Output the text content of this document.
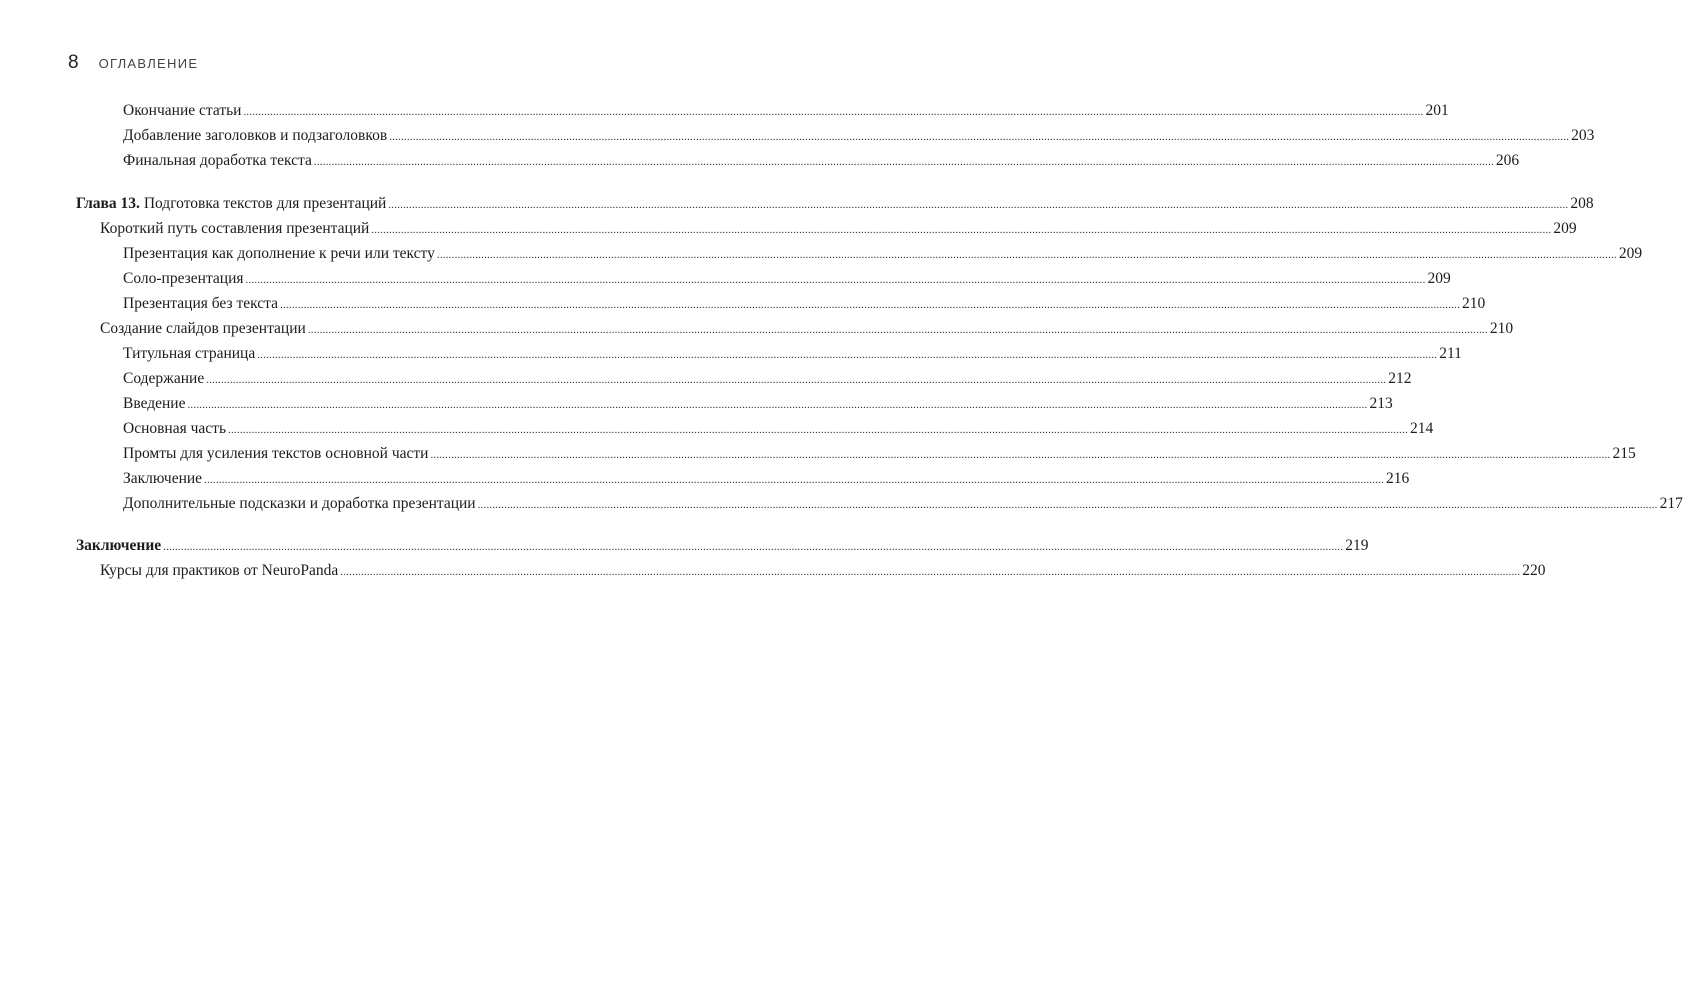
8 ОГЛАВЛЕНИЕ
Окончание статьи ................................................................................................................................................................................................................................................................................................................................................................................................................ 201
Добавление заголовков и подзаголовков ................................................................................................................................................................................................................................................................................................................................................................................................................ 203
Финальная доработка текста ................................................................................................................................................................................................................................................................................................................................................................................................................ 206
Глава 13. Подготовка текстов для презентаций ................................................................................................................................................................................................................................................................................................................................................................................................................ 208
Короткий путь составления презентаций ................................................................................................................................................................................................................................................................................................................................................................................................................ 209
Презентация как дополнение к речи или тексту ................................................................................................................................................................................................................................................................................................................................................................................................................ 209
Соло-презентация ................................................................................................................................................................................................................................................................................................................................................................................................................ 209
Презентация без текста ................................................................................................................................................................................................................................................................................................................................................................................................................ 210
Создание слайдов презентации ................................................................................................................................................................................................................................................................................................................................................................................................................ 210
Титульная страница ................................................................................................................................................................................................................................................................................................................................................................................................................ 211
Содержание ................................................................................................................................................................................................................................................................................................................................................................................................................ 212
Введение ................................................................................................................................................................................................................................................................................................................................................................................................................ 213
Основная часть ................................................................................................................................................................................................................................................................................................................................................................................................................ 214
Промты для усиления текстов основной части ................................................................................................................................................................................................................................................................................................................................................................................................................ 215
Заключение ................................................................................................................................................................................................................................................................................................................................................................................................................ 216
Дополнительные подсказки и доработка презентации ................................................................................................................................................................................................................................................................................................................................................................................................................ 217
Заключение ................................................................................................................................................................................................................................................................................................................................................................................................................ 219
Курсы для практиков от NeuroPanda ................................................................................................................................................................................................................................................................................................................................................................................................................ 220
